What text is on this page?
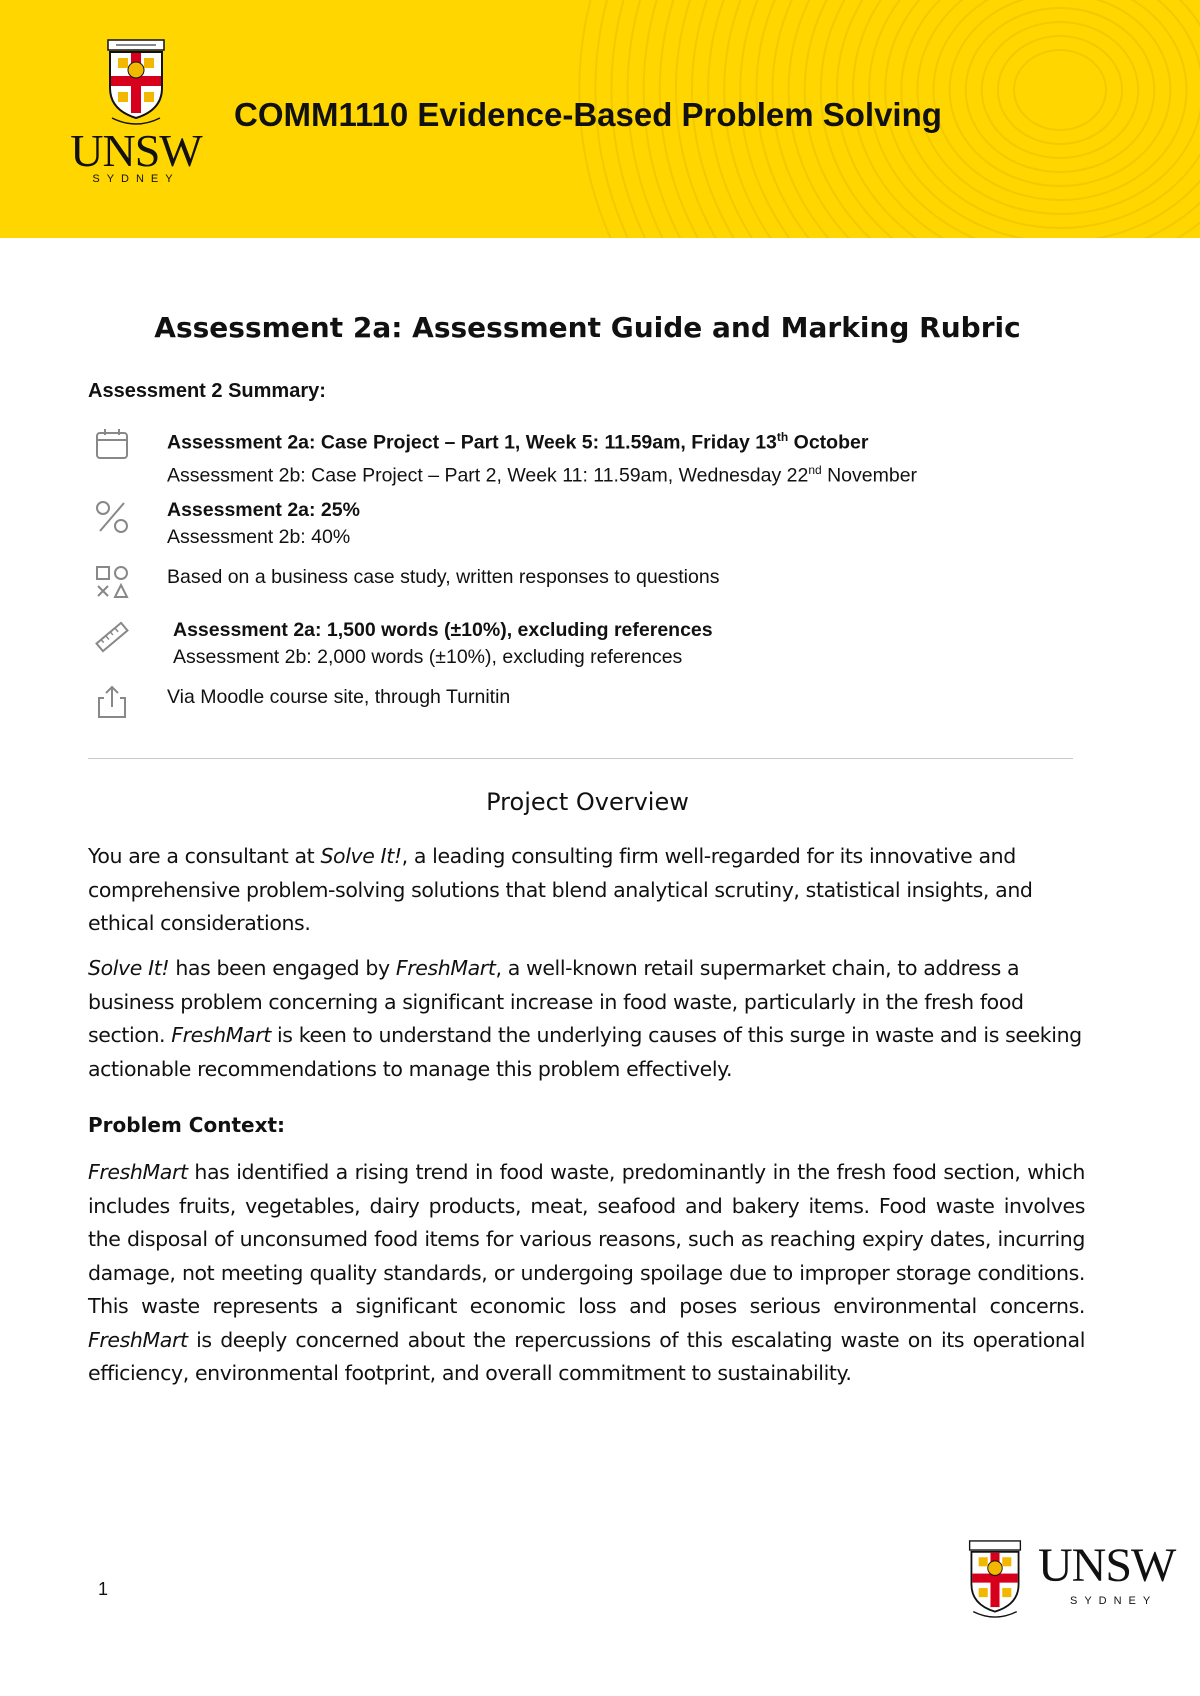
UNSW
SYDNEY
COMM1110 Evidence-Based Problem Solving
Assessment 2a: Assessment Guide and Marking Rubric
Assessment 2 Summary:
Assessment 2a: Case Project – Part 1, Week 5: 11.59am, Friday 13th October
Assessment 2b: Case Project – Part 2, Week 11: 11.59am, Wednesday 22nd November
Assessment 2a: 25%
Assessment 2b: 40%
Based on a business case study, written responses to questions
Assessment 2a: 1,500 words (±10%), excluding references
Assessment 2b: 2,000 words (±10%), excluding references
Via Moodle course site, through Turnitin
Project Overview

You are a consultant at Solve It!, a leading consulting firm well-regarded for its innovative and comprehensive problem-solving solutions that blend analytical scrutiny, statistical insights, and ethical considerations.

Solve It! has been engaged by FreshMart, a well-known retail supermarket chain, to address a business problem concerning a significant increase in food waste, particularly in the fresh food section. FreshMart is keen to understand the underlying causes of this surge in waste and is seeking actionable recommendations to manage this problem effectively.

Problem Context:

FreshMart has identified a rising trend in food waste, predominantly in the fresh food section, which includes fruits, vegetables, dairy products, meat, seafood and bakery items. Food waste involves the disposal of unconsumed food items for various reasons, such as reaching expiry dates, incurring damage, not meeting quality standards, or undergoing spoilage due to improper storage conditions. This waste represents a significant economic loss and poses serious environmental concerns. FreshMart is deeply concerned about the repercussions of this escalating waste on its operational efficiency, environmental footprint, and overall commitment to sustainability.

1	UNSW
SYDNEY
